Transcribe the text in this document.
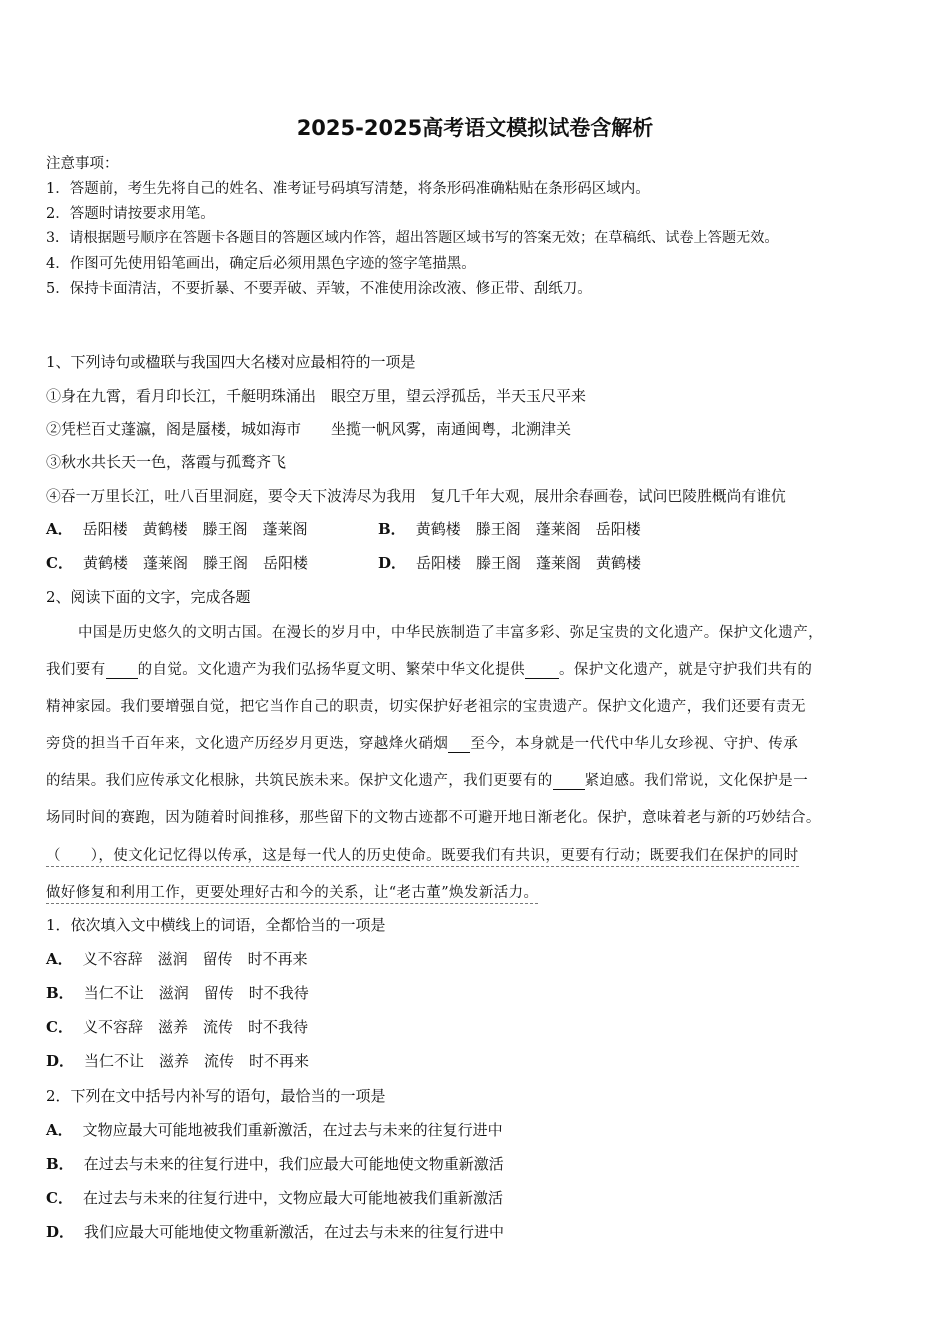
2025-2025高考语文模拟试卷含解析
注意事项：
1．答题前，考生先将自己的姓名、准考证号码填写清楚，将条形码准确粘贴在条形码区域内。
2．答题时请按要求用笔。
3．请根据题号顺序在答题卡各题目的答题区域内作答，超出答题区域书写的答案无效；在草稿纸、试卷上答题无效。
4．作图可先使用铅笔画出，确定后必须用黑色字迹的签字笔描黑。
5．保持卡面清洁，不要折暴、不要弄破、弄皱，不准使用涂改液、修正带、刮纸刀。
1、下列诗句或楹联与我国四大名楼对应最相符的一项是
①身在九霄，看月印长江，千艇明珠涌出　眼空万里，望云浮孤岳，半天玉尺平来
②凭栏百丈蓬瀛，阁是蜃楼，城如海市　　坐揽一帆风雾，南通闽粤，北溯津关
③秋水共长天一色，落霞与孤鹜齐飞
④吞一万里长江，吐八百里洞庭，要令天下波涛尽为我用　复几千年大观，展卅余春画卷，试问巴陵胜概尚有谁伉
A． 岳阳楼　黄鹤楼　滕王阁　蓬莱阁	B． 黄鹤楼　滕王阁　蓬莱阁　岳阳楼
C． 黄鹤楼　蓬莱阁　滕王阁　岳阳楼	D． 岳阳楼　滕王阁　蓬莱阁　黄鹤楼
2、阅读下面的文字，完成各题
中国是历史悠久的文明古国。在漫长的岁月中，中华民族制造了丰富多彩、弥足宝贵的文化遗产。保护文化遗产，
我们要有 的自觉。文化遗产为我们弘扬华夏文明、繁荣中华文化提供 。保护文化遗产，就是守护我们共有的
精神家园。我们要增强自觉，把它当作自己的职责，切实保护好老祖宗的宝贵遗产。保护文化遗产，我们还要有责无
旁贷的担当千百年来，文化遗产历经岁月更迭，穿越烽火硝烟 至今，本身就是一代代中华儿女珍视、守护、传承
的结果。我们应传承文化根脉，共筑民族未来。保护文化遗产，我们更要有的 紧迫感。我们常说，文化保护是一
场同时间的赛跑，因为随着时间推移，那些留下的文物古迹都不可避开地日渐老化。保护，意味着老与新的巧妙结合。
（　　），使文化记忆得以传承，这是每一代人的历史使命。既要我们有共识，更要有行动；既要我们在保护的同时
做好修复和利用工作，更要处理好古和今的关系，让“老古董”焕发新活力。
1．依次填入文中横线上的词语，全都恰当的一项是
A． 义不容辞　滋润　留传　时不再来
B． 当仁不让　滋润　留传　时不我待
C． 义不容辞　滋养　流传　时不我待
D． 当仁不让　滋养　流传　时不再来
2．下列在文中括号内补写的语句，最恰当的一项是
A． 文物应最大可能地被我们重新激活，在过去与未来的往复行进中
B． 在过去与未来的往复行进中，我们应最大可能地使文物重新激活
C． 在过去与未来的往复行进中，文物应最大可能地被我们重新激活
D． 我们应最大可能地使文物重新激活，在过去与未来的往复行进中
